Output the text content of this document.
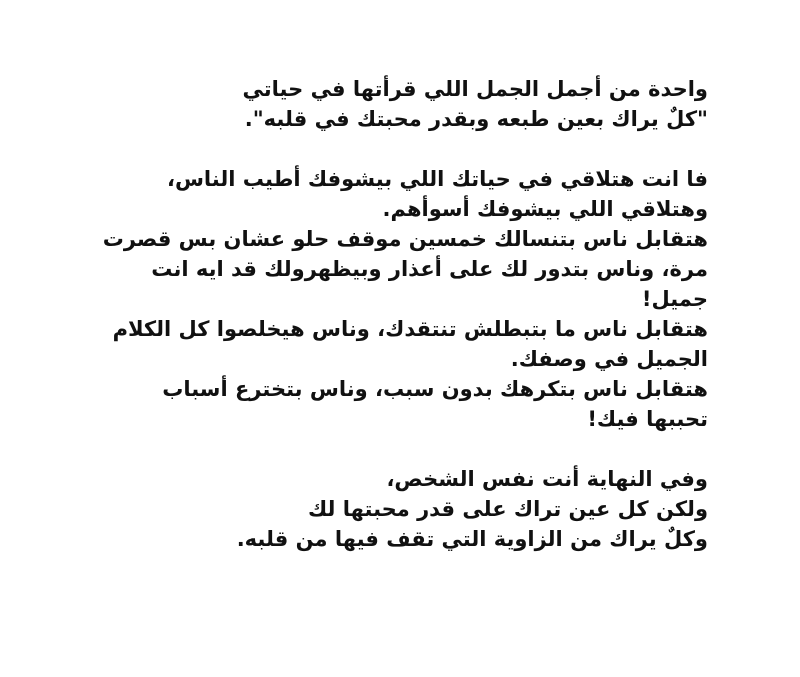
واحدة من أجمل الجمل اللي قرأتها في حياتي
"كلٌ يراك بعين طبعه وبقدر محبتك في قلبه".
فا انت هتلاقي في حياتك اللي بيشوفك أطيب الناس،
وهتلاقي اللي بيشوفك أسوأهم.
هتقابل ناس بتنسالك خمسين موقف حلو عشان بس قصرت
مرة، وناس بتدور لك على أعذار وبيظهرولك قد ايه انت
جميل!
هتقابل ناس ما بتبطلش تنتقدك، وناس هيخلصوا كل الكلام
الجميل في وصفك.
هتقابل ناس بتكرهك بدون سبب، وناس بتخترع أسباب
تحببها فيك!
وفي النهاية أنت نفس الشخص،
ولكن كل عين تراك على قدر محبتها لك
وكلٌ يراك من الزاوية التي تقف فيها من قلبه.
